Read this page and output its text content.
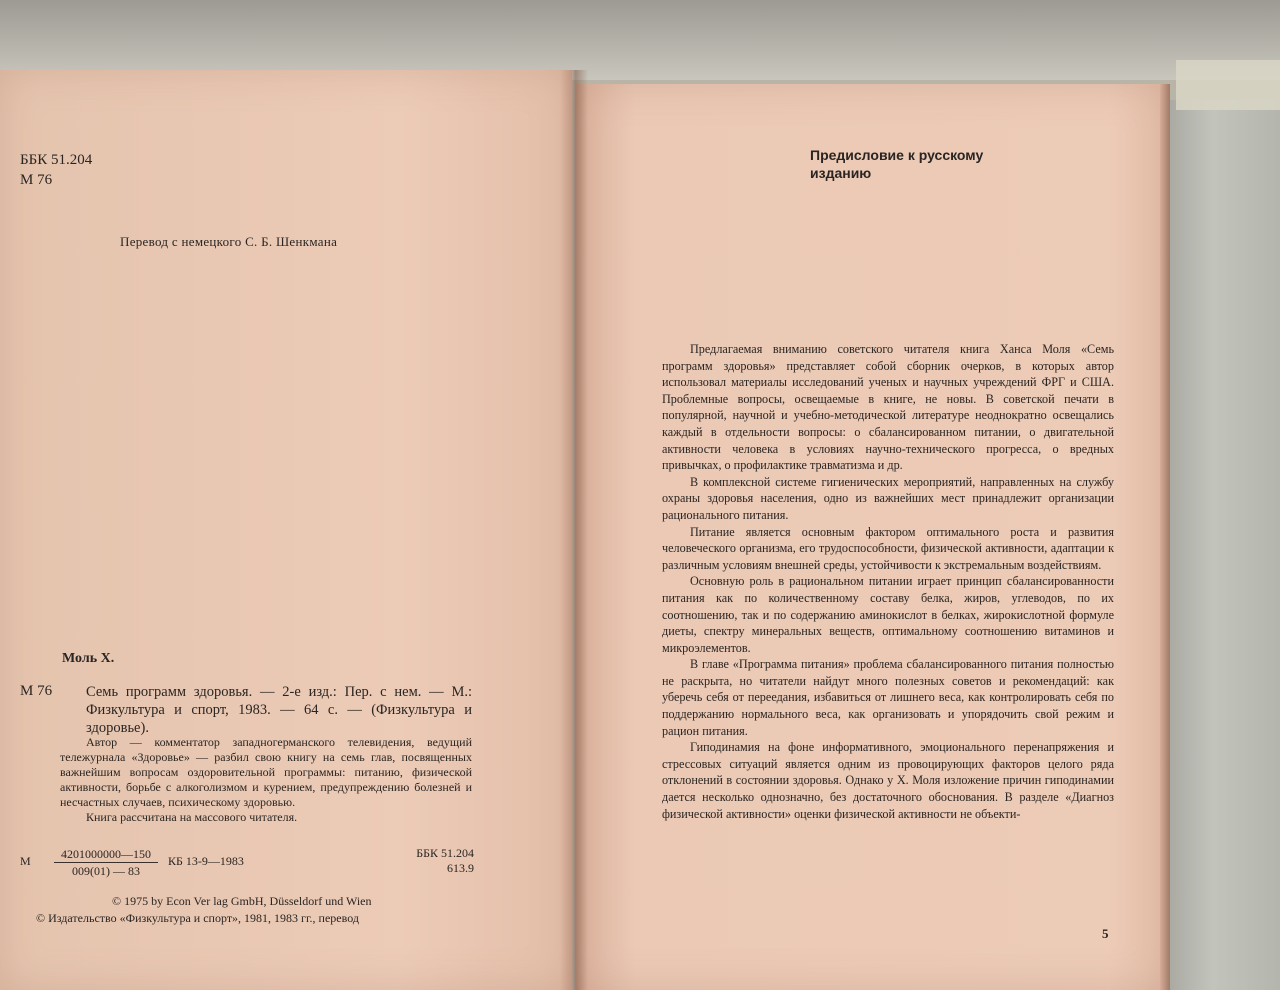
ББК 51.204
М 76
Перевод с немецкого С. Б. Шенкмана
Моль Х.
М 76 Семь программ здоровья. — 2-е изд.: Пер. с нем. — М.: Физкультура и спорт, 1983. — 64 с. — (Физкультура и здоровье).

Автор — комментатор западногерманского телевидения, ведущий тележурнала «Здоровье» — разбил свою книгу на семь глав, посвященных важнейшим вопросам оздоровительной программы: питанию, физической активности, борьбе с алкоголизмом и курением, предупреждению болезней и несчастных случаев, психическому здоровью.

Книга рассчитана на массового читателя.

М $\frac{4201000000—150}{009(01) — 83}$ КБ 13-9—1983
ББК 51.204
613.9
© 1975 by Econ Ver lag GmbH, Düsseldorf und Wien
© Издательство «Физкультура и спорт», 1981, 1983 гг., перевод
Предисловие к русскому
изданию

Предлагаемая вниманию советского читателя книга Ханса Моля «Семь программ здоровья» представляет собой сборник очерков, в которых автор использовал материалы исследований ученых и научных учреждений ФРГ и США. Проблемные вопросы, освещаемые в книге, не новы. В советской печати в популярной, научной и учебно-методической литературе неоднократно освещались каждый в отдельности вопросы: о сбалансированном питании, о двигательной активности человека в условиях научно-технического прогресса, о вредных привычках, о профилактике травматизма и др.

В комплексной системе гигиенических мероприятий, направленных на службу охраны здоровья населения, одно из важнейших мест принадлежит организации рационального питания.

Питание является основным фактором оптимального роста и развития человеческого организма, его трудоспособности, физической активности, адаптации к различным условиям внешней среды, устойчивости к экстремальным воздействиям.

Основную роль в рациональном питании играет принцип сбалансированности питания как по количественному составу белка, жиров, углеводов, по их соотношению, так и по содержанию аминокислот в белках, жирокислотной формуле диеты, спектру минеральных веществ, оптимальному соотношению витаминов и микроэлементов.

В главе «Программа питания» проблема сбалансированного питания полностью не раскрыта, но читатели найдут много полезных советов и рекомендаций: как уберечь себя от переедания, избавиться от лишнего веса, как контролировать себя по поддержанию нормального веса, как организовать и упорядочить свой режим и рацион питания.

Гиподинамия на фоне информативного, эмоционального перенапряжения и стрессовых ситуаций является одним из провоцирующих факторов целого ряда отклонений в состоянии здоровья. Однако у Х. Моля изложение причин гиподинамии дается несколько однозначно, без достаточного обоснования. В разделе «Диагноз физической активности» оценки физической активности не объекти-

5
